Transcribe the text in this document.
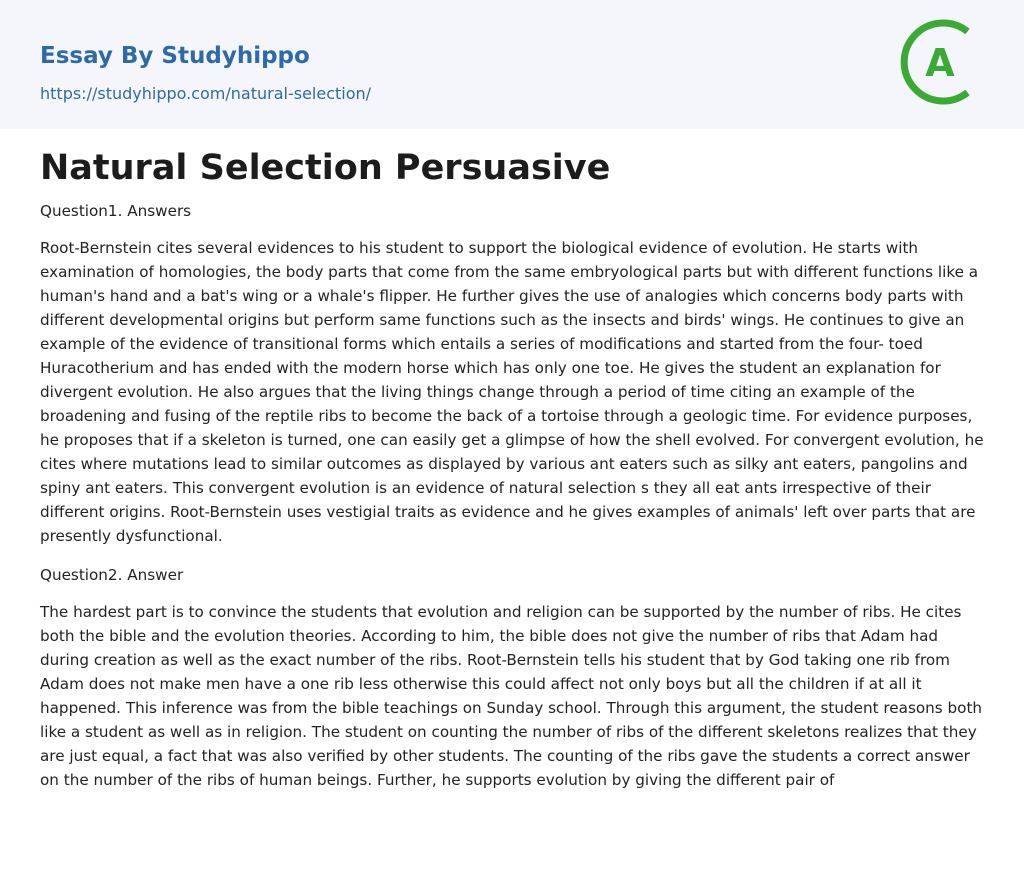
Essay By Studyhippo
https://studyhippo.com/natural-selection/
A
Natural Selection Persuasive
Question1. Answers

Root-Bernstein cites several evidences to his student to support the biological evidence of evolution. He starts with examination of homologies, the body parts that come from the same embryological parts but with different functions like a human's hand and a bat's wing or a whale's flipper. He further gives the use of analogies which concerns body parts with different developmental origins but perform same functions such as the insects and birds' wings. He continues to give an example of the evidence of transitional forms which entails a series of modifications and started from the four- toed Huracotherium and has ended with the modern horse which has only one toe. He gives the student an explanation for divergent evolution. He also argues that the living things change through a period of time citing an example of the broadening and fusing of the reptile ribs to become the back of a tortoise through a geologic time. For evidence purposes, he proposes that if a skeleton is turned, one can easily get a glimpse of how the shell evolved. For convergent evolution, he cites where mutations lead to similar outcomes as displayed by various ant eaters such as silky ant eaters, pangolins and spiny ant eaters. This convergent evolution is an evidence of natural selection s they all eat ants irrespective of their different origins. Root-Bernstein uses vestigial traits as evidence and he gives examples of animals' left over parts that are presently dysfunctional.

Question2. Answer

The hardest part is to convince the students that evolution and religion can be supported by the number of ribs. He cites both the bible and the evolution theories. According to him, the bible does not give the number of ribs that Adam had during creation as well as the exact number of the ribs. Root-Bernstein tells his student that by God taking one rib from Adam does not make men have a one rib less otherwise this could affect not only boys but all the children if at all it happened. This inference was from the bible teachings on Sunday school. Through this argument, the student reasons both like a student as well as in religion. The student on counting the number of ribs of the different skeletons realizes that they are just equal, a fact that was also verified by other students. The counting of the ribs gave the students a correct answer on the number of the ribs of human beings. Further, he supports evolution by giving the different pair of
